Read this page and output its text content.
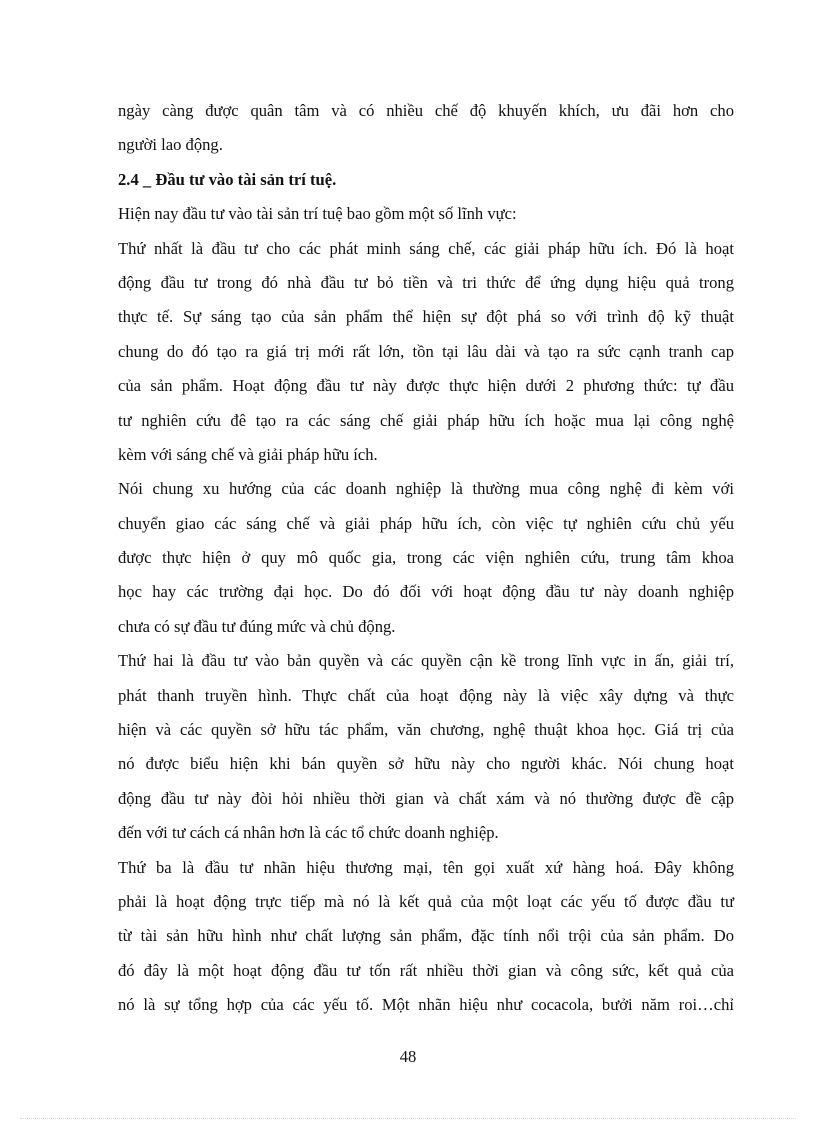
ngày càng được quân tâm và có nhiều chế độ khuyến khích, ưu đãi hơn cho
người lao động.
2.4 _ Đầu tư vào tài sản trí tuệ.
Hiện nay đầu tư vào tài sản trí tuệ bao gồm một số lĩnh vực:
Thứ nhất là đầu tư cho các phát minh sáng chế, các giải pháp hữu ích. Đó là hoạt
động đầu tư trong đó nhà đầu tư bỏ tiền và tri thức để ứng dụng hiệu quả trong
thực tế. Sự sáng tạo của sản phẩm thể hiện sự đột phá so với trình độ kỹ thuật
chung do đó tạo ra giá trị mới rất lớn, tồn tại lâu dài và tạo ra sức cạnh tranh cap
của sản phẩm. Hoạt động đầu tư này được thực hiện dưới 2 phương thức: tự đầu
tư nghiên cứu đê tạo ra các sáng chế giải pháp hữu ích hoặc mua lại công nghệ
kèm với sáng chế và giải pháp hữu ích.
Nói chung xu hướng của các doanh nghiệp là thường mua công nghệ đi kèm với
chuyển giao các sáng chế và giải pháp hữu ích, còn việc tự nghiên cứu chủ yếu
được thực hiện ở quy mô quốc gia, trong các viện nghiên cứu, trung tâm khoa
học hay các trường đại học. Do đó đối với hoạt động đầu tư này doanh nghiệp
chưa có sự đầu tư đúng mức và chủ động.
Thứ hai là đầu tư vào bản quyền và các quyền cận kề trong lĩnh vực in ấn, giải trí,
phát thanh truyền hình. Thực chất của hoạt động này là việc xây dựng và thực
hiện và các quyền sở hữu tác phẩm, văn chương, nghệ thuật khoa học. Giá trị của
nó được biểu hiện khi bán quyền sở hữu này cho người khác. Nói chung hoạt
động đầu tư này đòi hỏi nhiều thời gian và chất xám và nó thường được đề cập
đến với tư cách cá nhân hơn là các tổ chức doanh nghiệp.
Thứ ba là đầu tư nhãn hiệu thương mại, tên gọi xuất xứ hàng hoá. Đây không
phải là hoạt động trực tiếp mà nó là kết quả của một loạt các yếu tố được đầu tư
từ tài sản hữu hình như chất lượng sản phẩm, đặc tính nổi trội của sản phẩm. Do
đó đây là một hoạt động đầu tư tốn rất nhiều thời gian và công sức, kết quả của
nó là sự tổng hợp của các yếu tố. Một nhãn hiệu như cocacola, bưởi năm roi…chỉ
48
